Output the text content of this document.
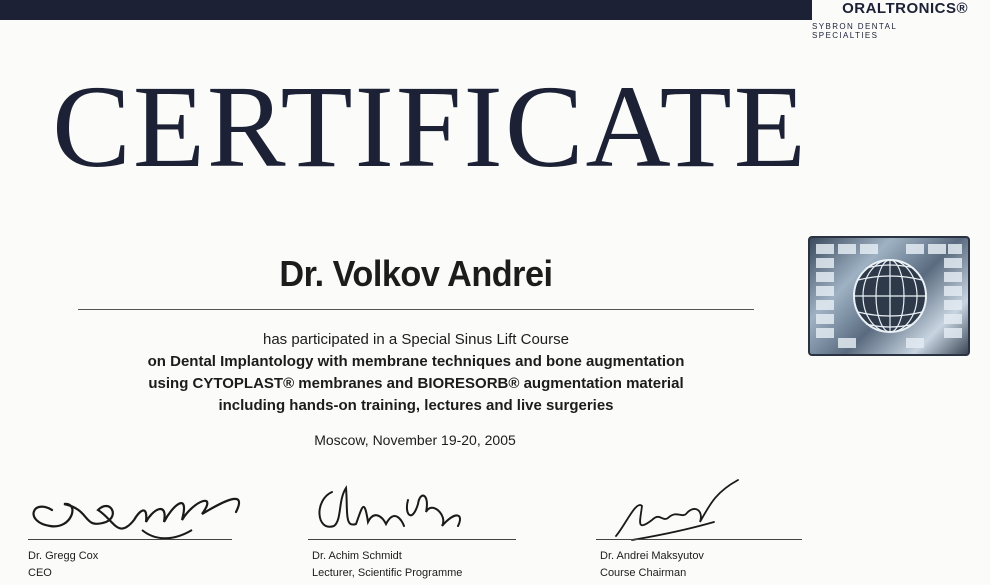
ORALTRONICS®
SYBRON DENTAL SPECIALTIES
CERTIFICATE
Dr. Volkov Andrei
has participated in a Special Sinus Lift Course
on Dental Implantology with membrane techniques and bone augmentation
using CYTOPLAST® membranes and BIORESORB® augmentation material
including hands-on training, lectures and live surgeries
Moscow, November 19-20, 2005
Dr. Gregg Cox
CEO
Dr. Achim Schmidt
Lecturer, Scientific Programme
Dr. Andrei Maksyutov
Course Chairman
